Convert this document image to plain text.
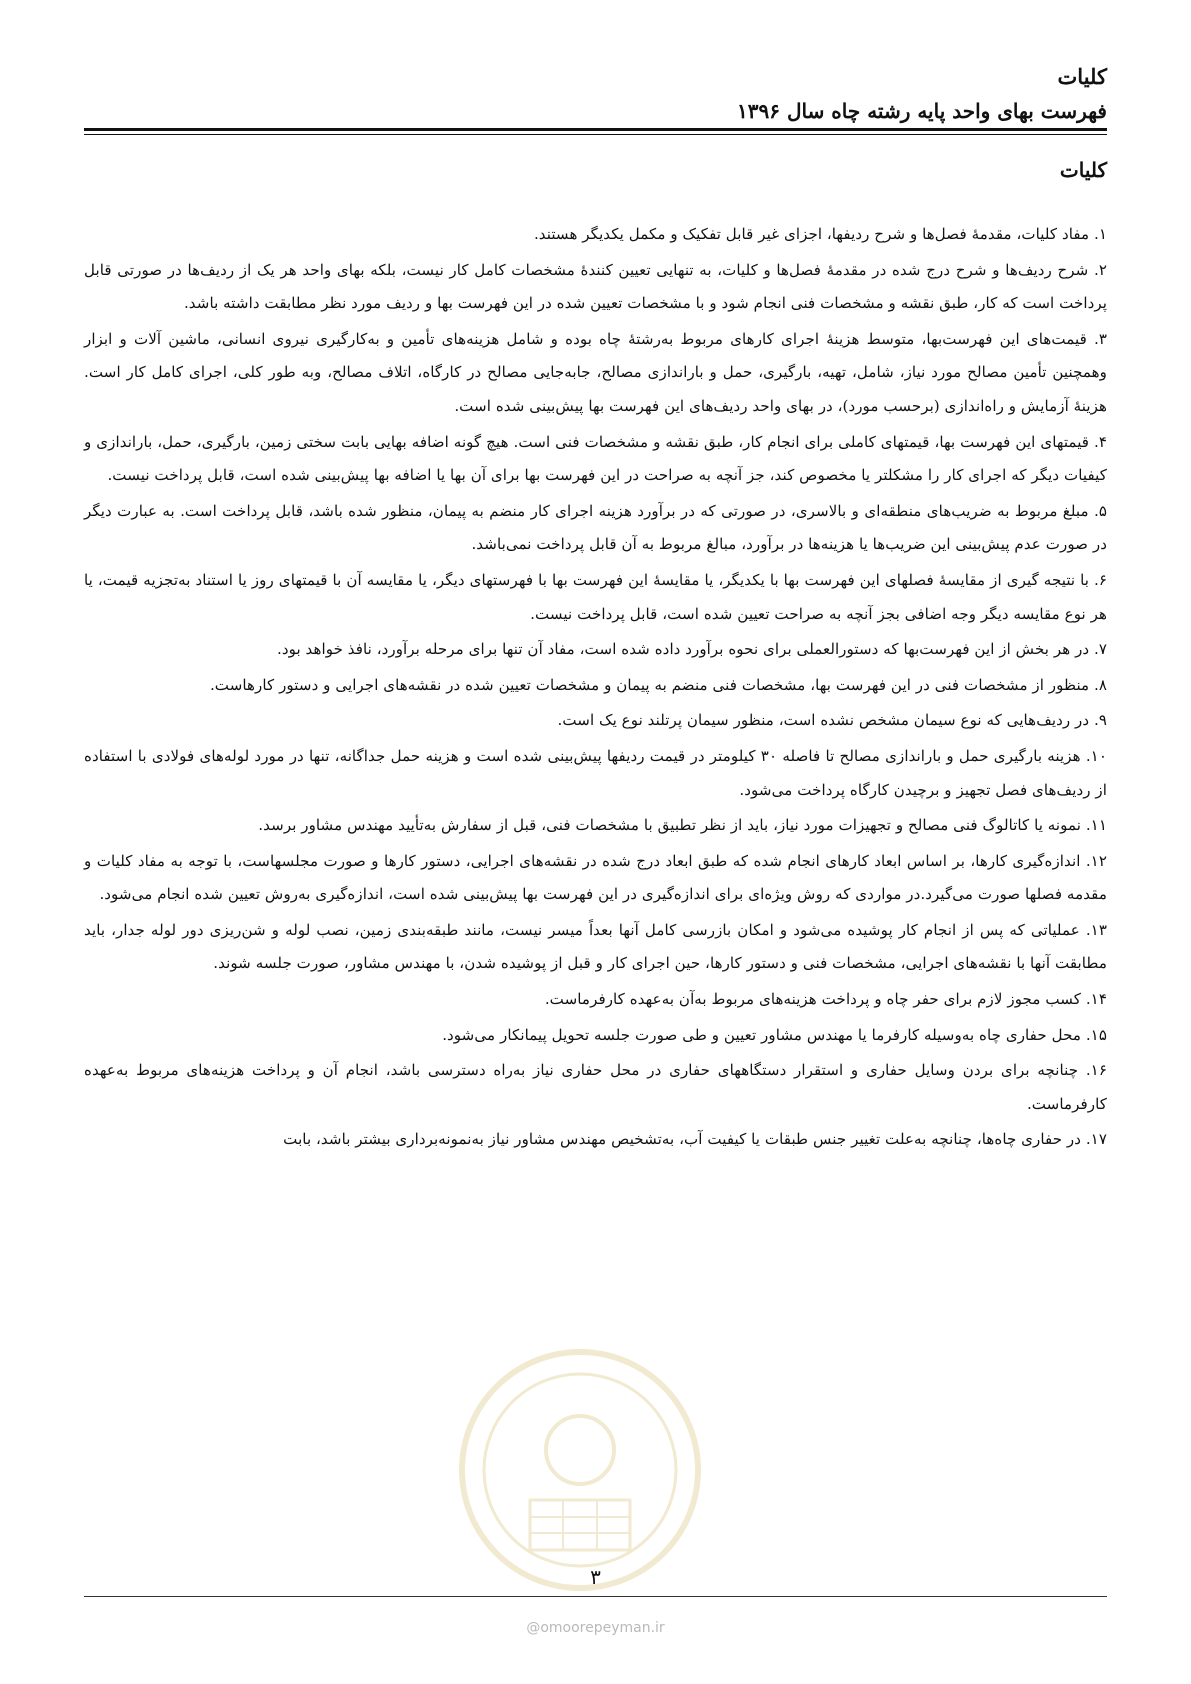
کلیات
فهرست بهای واحد پایه رشته چاه سال ۱۳۹۶
کلیات

۱. مفاد کلیات، مقدمهٔ فصل‌ها و شرح ردیفها، اجزای غیر قابل تفکیک و مکمل یکدیگر هستند.

۲. شرح ردیف‌ها و شرح درج شده در مقدمهٔ فصل‌ها و کلیات، به تنهایی تعیین کنندهٔ مشخصات کامل کار نیست، بلکه بهای واحد هر یک از ردیف‌ها در صورتی قابل پرداخت است که کار، طبق نقشه و مشخصات فنی انجام شود و با مشخصات تعیین شده در این فهرست بها و ردیف مورد نظر مطابقت داشته باشد.

۳. قیمت‌های این فهرست‌بها، متوسط هزینهٔ اجرای کارهای مربوط به‌رشتهٔ چاه بوده و شامل هزینه‌های تأمین و به‌کارگیری نیروی انسانی، ماشین آلات و ابزار وهمچنین تأمین مصالح مورد نیاز، شامل، تهیه، بارگیری، حمل و باراندازی مصالح، جابه‌جایی مصالح در کارگاه، اتلاف مصالح، وبه طور کلی، اجرای کامل کار است. هزینهٔ آزمایش و راه‌اندازی (برحسب مورد)، در بهای واحد ردیف‌های این فهرست بها پیش‌بینی شده است.

۴. قیمتهای این فهرست بها، قیمتهای کاملی برای انجام کار، طبق نقشه و مشخصات فنی است. هیچ گونه اضافه بهایی بابت سختی زمین، بارگیری، حمل، باراندازی و کیفیات دیگر که اجرای کار را مشکلتر یا مخصوص کند، جز آنچه به صراحت در این فهرست بها برای آن بها یا اضافه بها پیش‌بینی شده است، قابل پرداخت نیست.

۵. مبلغ مربوط به ضریب‌های منطقه‌ای و بالاسری، در صورتی که در برآورد هزینه اجرای کار منضم به پیمان، منظور شده باشد، قابل پرداخت است. به عبارت دیگر در صورت عدم پیش‌بینی این ضریب‌ها یا هزینه‌ها در برآورد، مبالغ مربوط به آن قابل پرداخت نمی‌باشد.

۶. با نتیجه گیری از مقایسهٔ فصلهای این فهرست بها با یکدیگر، یا مقایسهٔ این فهرست بها با فهرستهای دیگر، یا مقایسه آن با قیمتهای روز یا استناد به‌تجزیه قیمت، یا هر نوع مقایسه دیگر وجه اضافی بجز آنچه به صراحت تعیین شده است، قابل پرداخت نیست.

۷. در هر بخش از این فهرست‌بها که دستورالعملی برای نحوه برآورد داده شده است، مفاد آن تنها برای مرحله برآورد، نافذ خواهد بود.

۸. منظور از مشخصات فنی در این فهرست بها، مشخصات فنی منضم به پیمان و مشخصات تعیین شده در نقشه‌های اجرایی و دستور کارهاست.

۹. در ردیف‌هایی که نوع سیمان مشخص نشده است، منظور سیمان پرتلند نوع یک است.

۱۰. هزینه بارگیری حمل و باراندازی مصالح تا فاصله ۳۰ کیلومتر در قیمت ردیفها پیش‌بینی شده است و هزینه حمل جداگانه، تنها در مورد لوله‌های فولادی با استفاده از ردیف‌های فصل تجهیز و برچیدن کارگاه پرداخت می‌شود.

۱۱. نمونه یا کاتالوگ فنی مصالح و تجهیزات مورد نیاز، باید از نظر تطبیق با مشخصات فنی، قبل از سفارش به‌تأیید مهندس مشاور برسد.

۱۲. اندازه‌گیری کارها، بر اساس ابعاد کارهای انجام شده که طبق ابعاد درج شده در نقشه‌های اجرایی، دستور کارها و صورت مجلسهاست، با توجه به مفاد کلیات و مقدمه فصلها صورت می‌گیرد.در مواردی که روش ویژه‌ای برای اندازه‌گیری در این فهرست بها پیش‌بینی شده است، اندازه‌گیری به‌روش تعیین شده انجام می‌شود.

۱۳. عملیاتی که پس از انجام کار پوشیده می‌شود و امکان بازرسی کامل آنها بعداً میسر نیست، مانند طبقه‌بندی زمین، نصب لوله و شن‌ریزی دور لوله جدار، باید مطابقت آنها با نقشه‌های اجرایی، مشخصات فنی و دستور کارها، حین اجرای کار و قبل از پوشیده شدن، با مهندس مشاور، صورت جلسه شوند.

۱۴. کسب مجوز لازم برای حفر چاه و پرداخت هزینه‌های مربوط به‌آن به‌عهده کارفرماست.

۱۵. محل حفاری چاه به‌وسیله کارفرما یا مهندس مشاور تعیین و طی صورت جلسه تحویل پیمانکار می‌شود.

۱۶. چنانچه برای بردن وسایل حفاری و استقرار دستگاههای حفاری در محل حفاری نیاز به‌راه دسترسی باشد، انجام آن و پرداخت هزینه‌های مربوط به‌عهده کارفرماست.

۱۷. در حفاری چاه‌ها، چنانچه به‌علت تغییر جنس طبقات یا کیفیت آب، به‌تشخیص مهندس مشاور نیاز به‌نمونه‌برداری بیشتر باشد، بابت

۳
@omoorepeyman.ir
